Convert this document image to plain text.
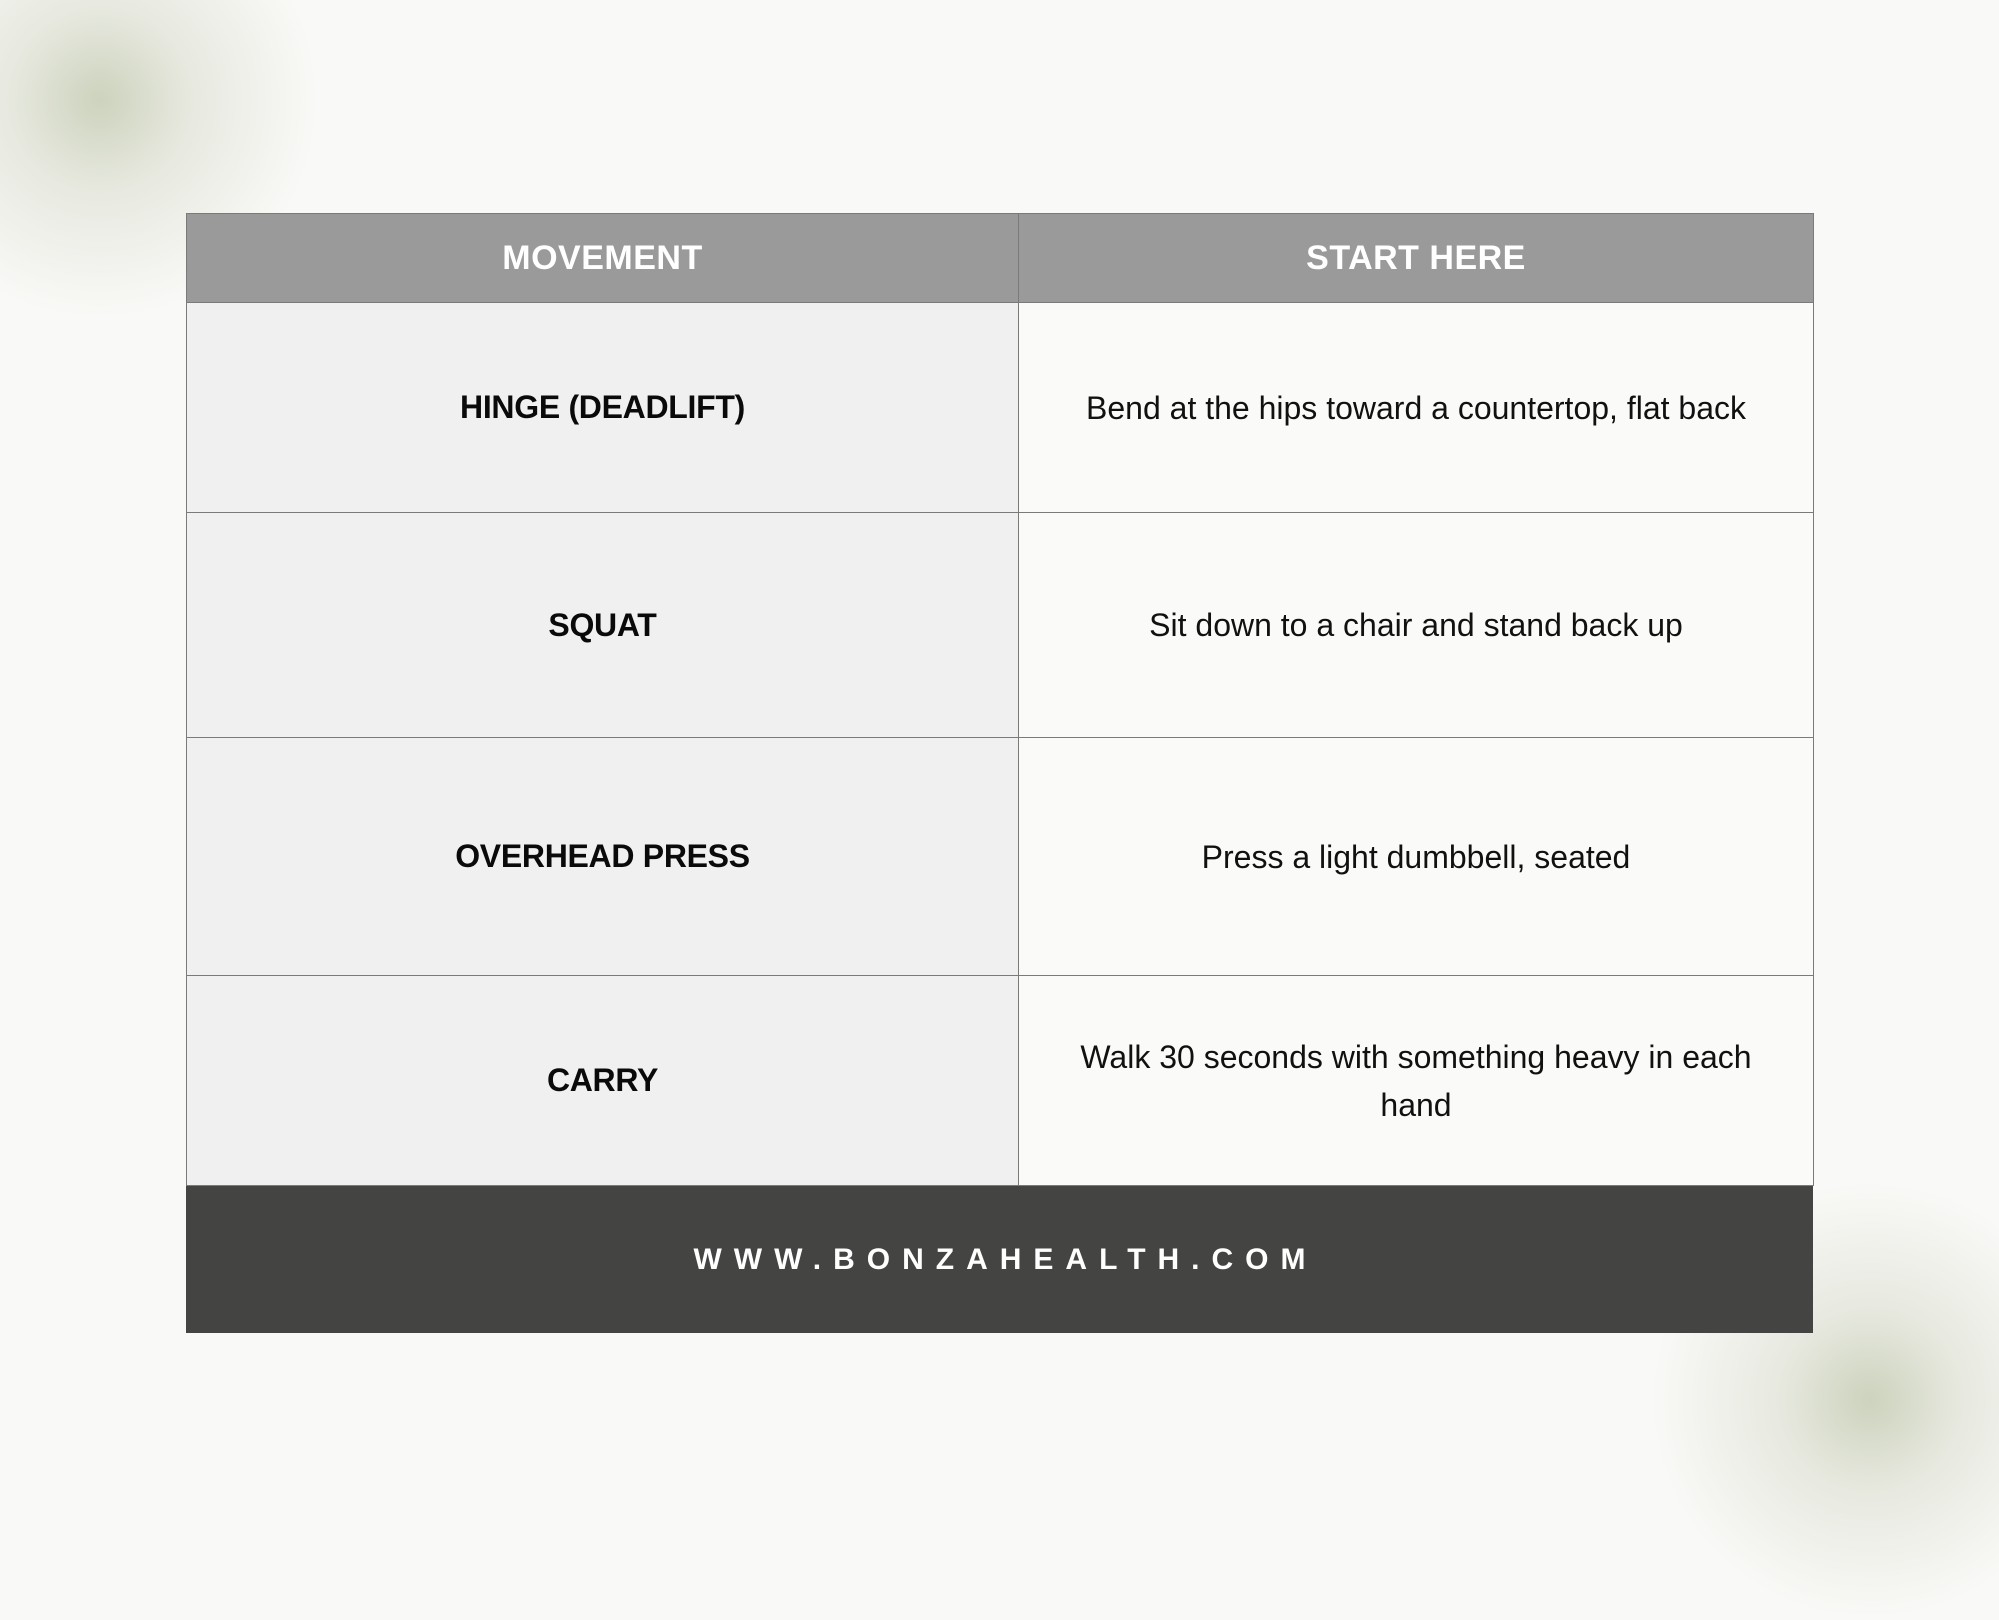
MOVEMENT	START HERE
HINGE (DEADLIFT)	Bend at the hips toward a countertop, flat back
SQUAT	Sit down to a chair and stand back up
OVERHEAD PRESS	Press a light dumbbell, seated
CARRY	Walk 30 seconds with something heavy in each hand
WWW.BONZAHEALTH.COM
